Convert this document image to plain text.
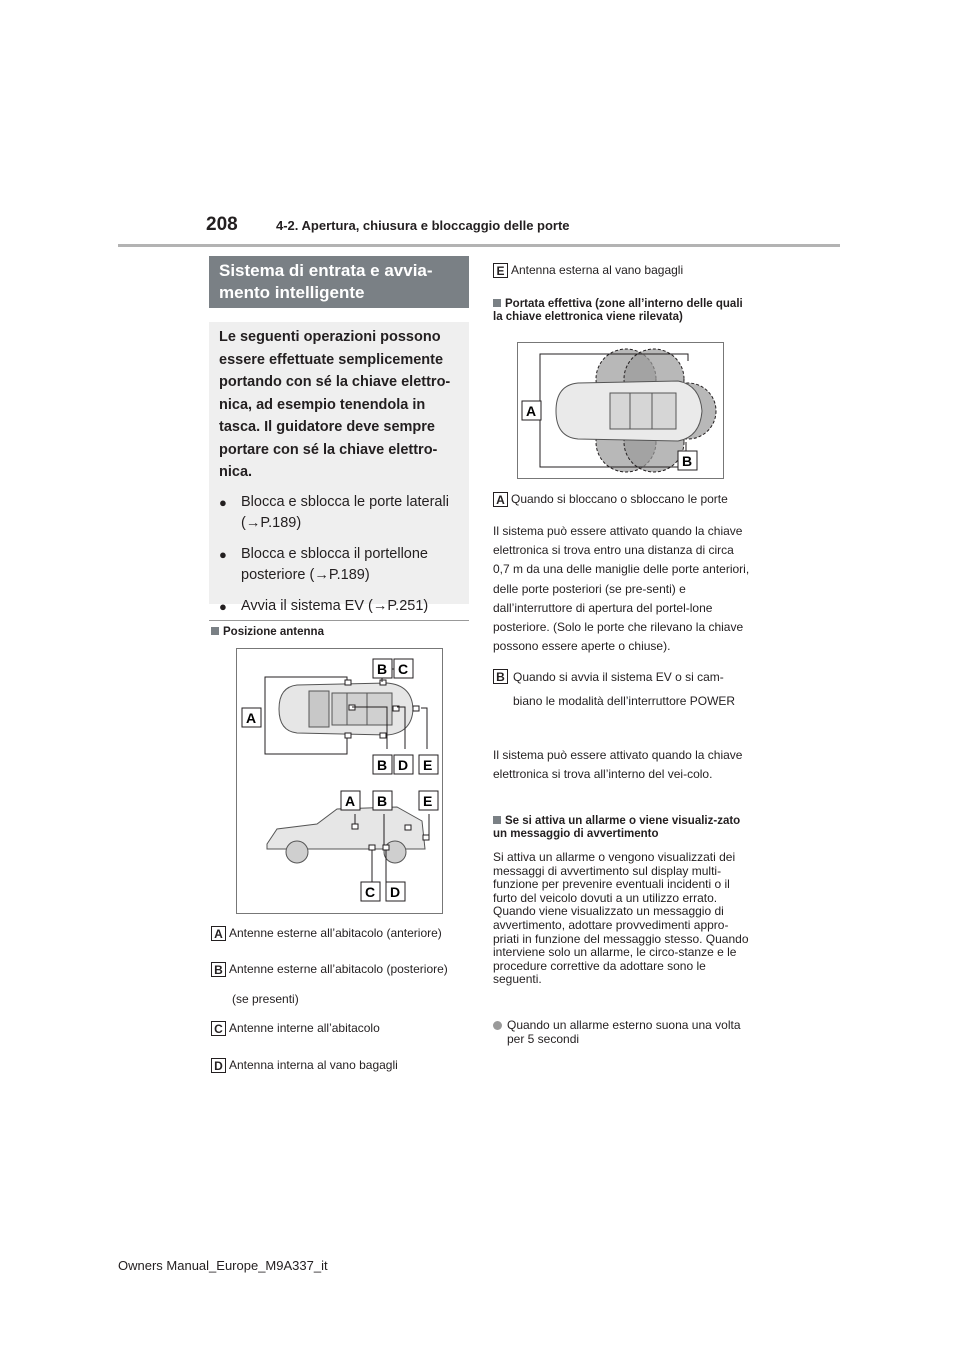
208	4-2. Apertura, chiusura e bloccaggio delle porte
Sistema di entrata e avvia-mento intelligente

Le seguenti operazioni possono essere effettuate semplicemente portando con sé la chiave elettro-nica, ad esempio tenendola in tasca. Il guidatore deve sempre portare con sé la chiave elettro-nica.

● Blocca e sblocca le porte laterali (→P.189)
● Blocca e sblocca il portellone posteriore (→P.189)
● Avvia il sistema EV (→P.251)
Posizione antenna
B C
A
B D E
A B	E
C D
A Antenne esterne all’abitacolo (anteriore)
B Antenne esterne all’abitacolo (posteriore)
(se presenti)
C Antenne interne all’abitacolo
D Antenna interna al vano bagagli
E Antenna esterna al vano bagagli
Portata effettiva (zone all’interno delle quali la chiave elettronica viene rilevata)
A
B
A Quando si bloccano o sbloccano le porte
Il sistema può essere attivato quando la chiave elettronica si trova entro una distanza di circa 0,7 m da una delle maniglie delle porte anteriori, delle porte posteriori (se pre-senti) e dall’interruttore di apertura del portel-lone posteriore. (Solo le porte che rilevano la chiave possono essere aperte o chiuse).
B Quando si avvia il sistema EV o si cam-biano le modalità dell’interruttore POWER
Il sistema può essere attivato quando la chiave elettronica si trova all’interno del vei-colo.
Se si attiva un allarme o viene visualiz-zato un messaggio di avvertimento
Si attiva un allarme o vengono visualizzati dei messaggi di avvertimento sul display multi-funzione per prevenire eventuali incidenti o il furto del veicolo dovuti a un utilizzo errato. Quando viene visualizzato un messaggio di avvertimento, adottare provvedimenti appro-priati in funzione del messaggio stesso. Quando interviene solo un allarme, le circo-stanze e le procedure correttive da adottare sono le seguenti.
Quando un allarme esterno suona una volta per 5 secondi
Owners Manual_Europe_M9A337_it
